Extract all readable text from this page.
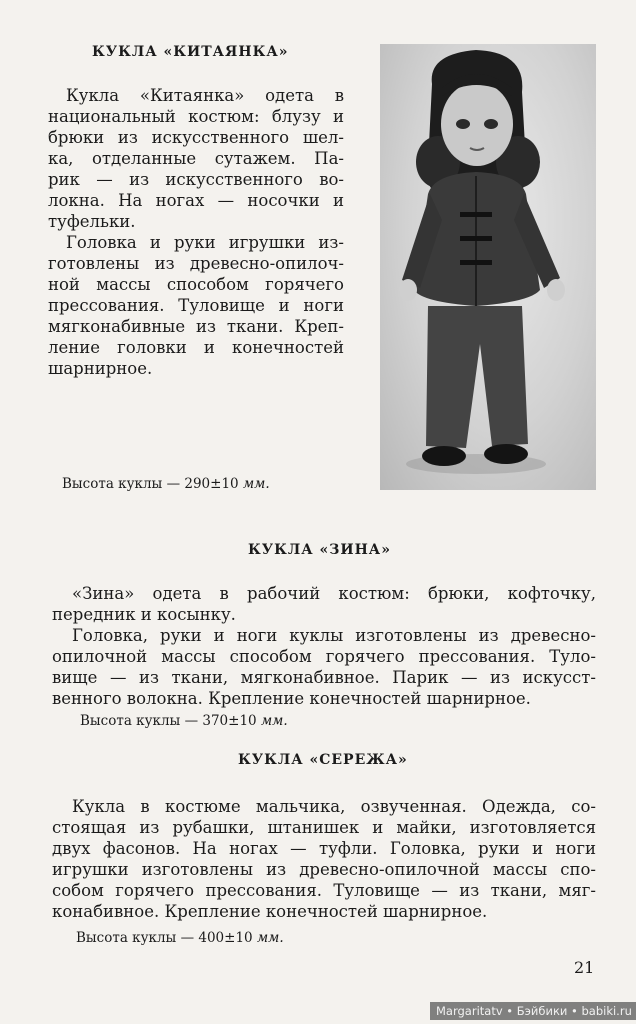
КУКЛА «КИТАЯНКА»
Кукла «Китаянка» одета в
национальный костюм: блузу и
брюки из искусственного шел-
ка, отделанные сутажем. Па-
рик — из искусственного во-
локна. На ногах — носочки и
туфельки.
Головка и руки игрушки из-
готовлены из древесно-опилоч-
ной массы способом горячего
прессования. Туловище и ноги
мягконабивные из ткани. Креп-
ление головки и конечностей
шарнирное.
Высота куклы — 290±10 мм.
КУКЛА «ЗИНА»
«Зина» одета в рабочий костюм: брюки, кофточку,
передник и косынку.
Головка, руки и ноги куклы изготовлены из древесно-
опилочной массы способом горячего прессования. Туло-
вище — из ткани, мягконабивное. Парик — из искусст-
венного волокна. Крепление конечностей шарнирное.
Высота куклы — 370±10 мм.
КУКЛА «СЕРЕЖА»
Кукла в костюме мальчика, озвученная. Одежда, со-
стоящая из рубашки, штанишек и майки, изготовляется
двух фасонов. На ногах — туфли. Головка, руки и ноги
игрушки изготовлены из древесно-опилочной массы спо-
собом горячего прессования. Туловище — из ткани, мяг-
конабивное. Крепление конечностей шарнирное.
Высота куклы — 400±10 мм.
21
Margaritatv • Бэйбики • babiki.ru
